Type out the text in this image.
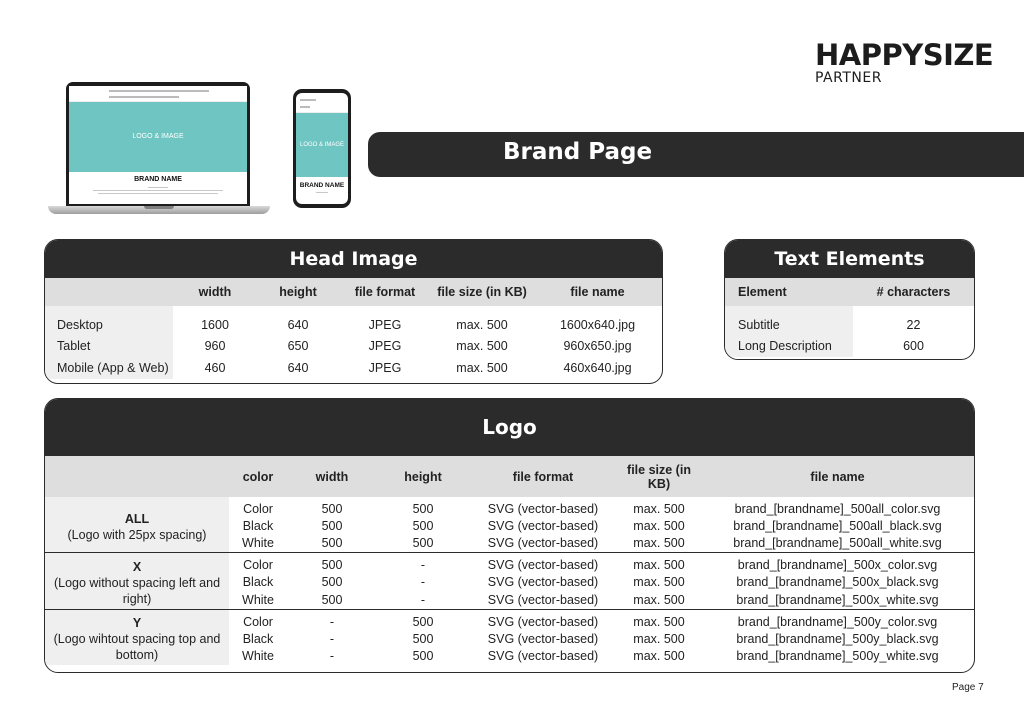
HAPPYSIZE
PARTNER
LOGO & IMAGE
BRAND NAME
LOGO & IMAGE
BRAND NAME
Brand Page
Head Image
	width	height	file format	file size (in KB)	file name
Desktop	1600	640	JPEG	max. 500	1600x640.jpg
Tablet	960	650	JPEG	max. 500	960x650.jpg
Mobile (App & Web)	460	640	JPEG	max. 500	460x640.jpg
Text Elements
Element	# characters
Subtitle	22
Long Description	600
Logo
	color	width	height	file format	file size (in KB)	file name
ALL
(Logo with 25px spacing)	Color	500	500	SVG (vector-based)	max. 500	brand_[brandname]_500all_color.svg
	Black	500	500	SVG (vector-based)	max. 500	brand_[brandname]_500all_black.svg
	White	500	500	SVG (vector-based)	max. 500	brand_[brandname]_500all_white.svg
X
(Logo without spacing left and right)	Color	500	-	SVG (vector-based)	max. 500	brand_[brandname]_500x_color.svg
	Black	500	-	SVG (vector-based)	max. 500	brand_[brandname]_500x_black.svg
	White	500	-	SVG (vector-based)	max. 500	brand_[brandname]_500x_white.svg
Y
(Logo wihtout spacing top and bottom)	Color	-	500	SVG (vector-based)	max. 500	brand_[brandname]_500y_color.svg
	Black	-	500	SVG (vector-based)	max. 500	brand_[brandname]_500y_black.svg
	White	-	500	SVG (vector-based)	max. 500	brand_[brandname]_500y_white.svg
Page 7
